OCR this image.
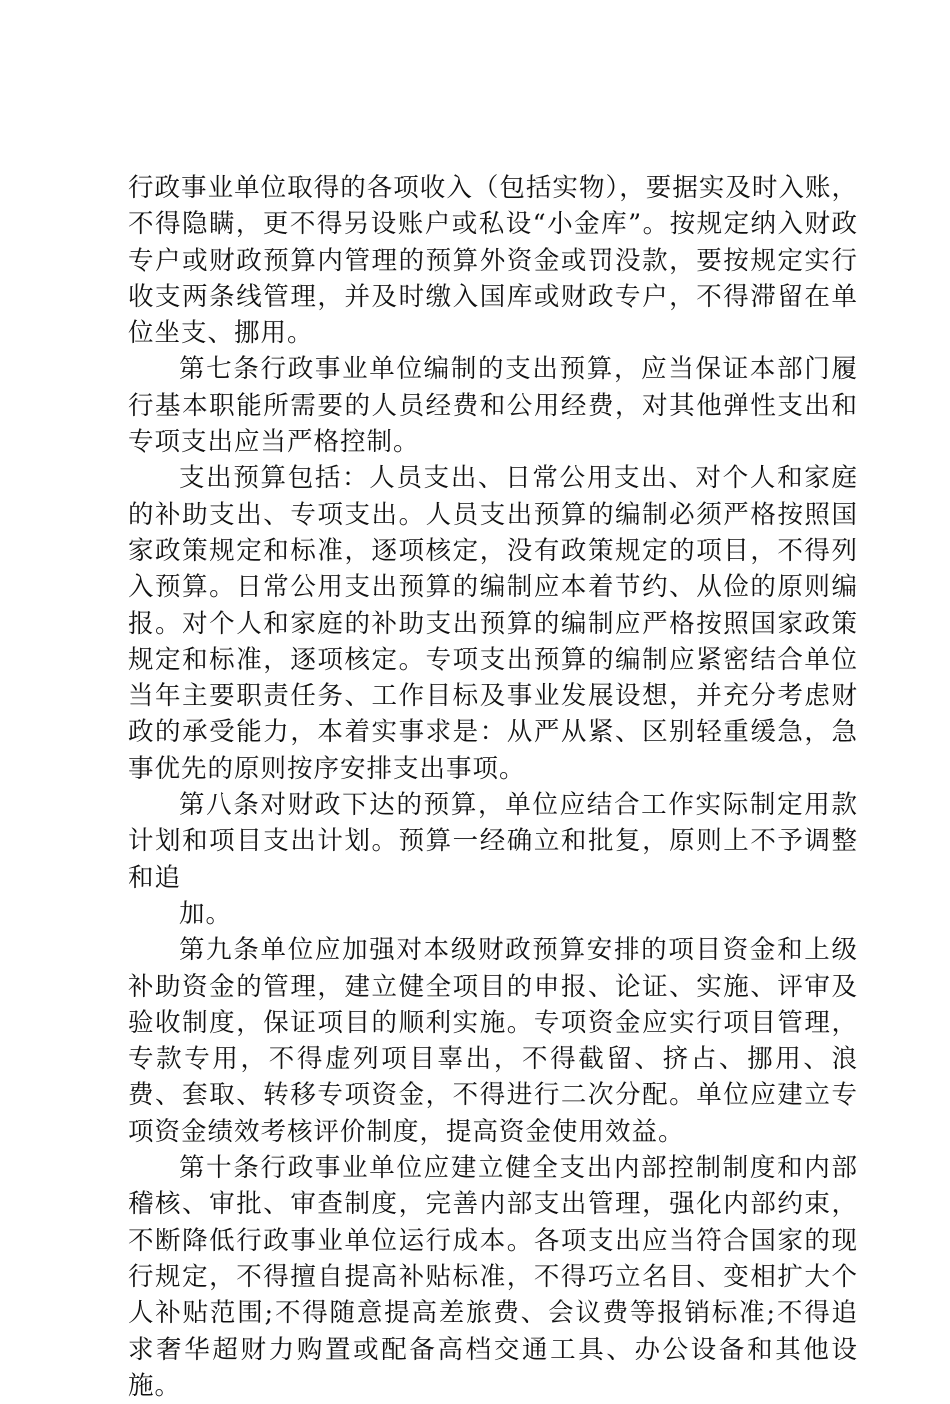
行政事业单位取得的各项收入（包括实物），要据实及时入账，不得隐瞒，更不得另设账户或私设“小金库”。按规定纳入财政专户或财政预算内管理的预算外资金或罚没款，要按规定实行收支两条线管理，并及时缴入国库或财政专户，不得滞留在单位坐支、挪用。

第七条行政事业单位编制的支出预算，应当保证本部门履行基本职能所需要的人员经费和公用经费，对其他弹性支出和专项支出应当严格控制。

支出预算包括：人员支出、日常公用支出、对个人和家庭的补助支出、专项支出。人员支出预算的编制必须严格按照国家政策规定和标准，逐项核定，没有政策规定的项目，不得列入预算。日常公用支出预算的编制应本着节约、从俭的原则编报。对个人和家庭的补助支出预算的编制应严格按照国家政策规定和标准，逐项核定。专项支出预算的编制应紧密结合单位当年主要职责任务、工作目标及事业发展设想，并充分考虑财政的承受能力，本着实事求是：从严从紧、区别轻重缓急，急事优先的原则按序安排支出事项。

第八条对财政下达的预算，单位应结合工作实际制定用款计划和项目支出计划。预算一经确立和批复，原则上不予调整和追

加。

第九条单位应加强对本级财政预算安排的项目资金和上级补助资金的管理，建立健全项目的申报、论证、实施、评审及验收制度，保证项目的顺利实施。专项资金应实行项目管理，专款专用，不得虚列项目辜出，不得截留、挤占、挪用、浪费、套取、转移专项资金，不得进行二次分配。单位应建立专项资金绩效考核评价制度，提高资金使用效益。

第十条行政事业单位应建立健全支出内部控制制度和内部稽核、审批、审查制度，完善内部支出管理，强化内部约束，不断降低行政事业单位运行成本。各项支出应当符合国家的现行规定，不得擅自提高补贴标准，不得巧立名目、变相扩大个人补贴范围;不得随意提高差旅费、会议费等报销标准;不得追求奢华超财力购置或配备高档交通工具、办公设备和其他设施。
